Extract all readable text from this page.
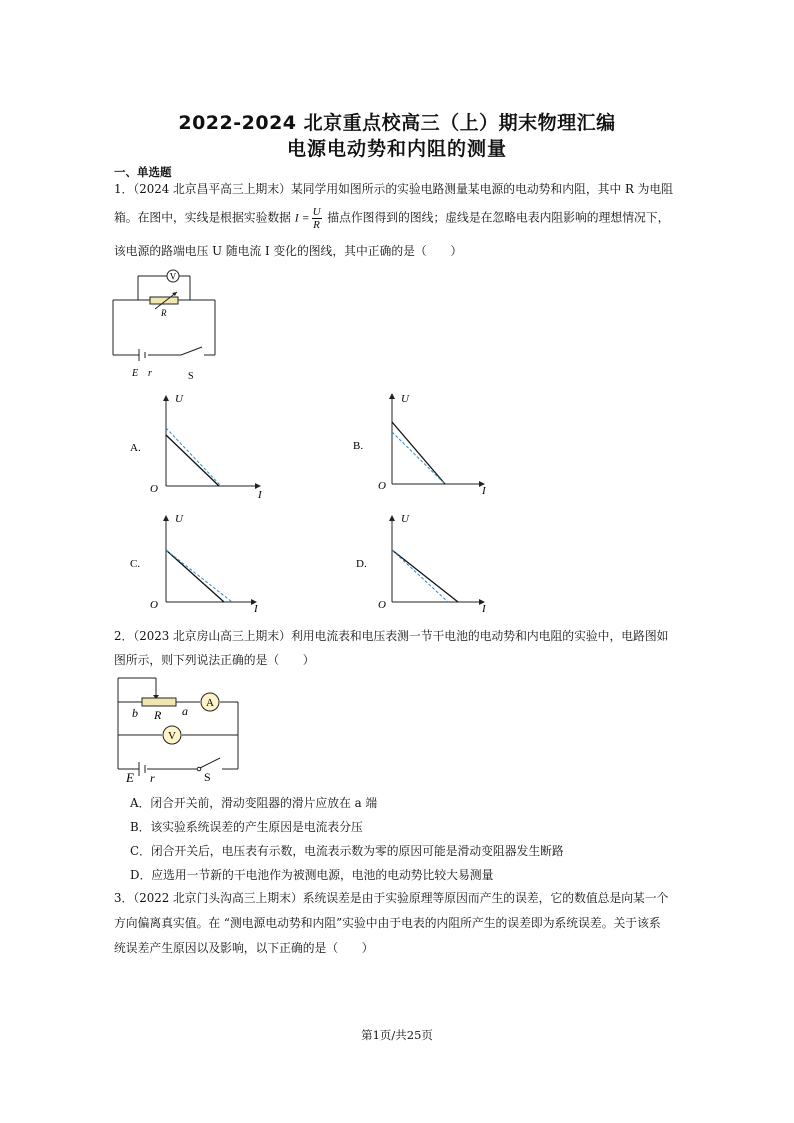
2022-2024 北京重点校高三（上）期末物理汇编
电源电动势和内阻的测量
一、单选题
1．（2024 北京昌平高三上期末）某同学用如图所示的实验电路测量某电源的电动势和内阻，其中 R 为电阻
箱。在图中，实线是根据实验数据 $I = \frac{U}{R}$ 描点作图得到的图线；虚线是在忽略电表内阻影响的理想情况下，
该电源的路端电压 U 随电流 I 变化的图线，其中正确的是（　　）
V
R
E r	S
A.
U
I
O
B.
U
I
O
C.
U
I
O
D.
U
I
O
2．（2023 北京房山高三上期末）利用电流表和电压表测一节干电池的电动势和内电阻的实验中，电路图如
图所示，则下列说法正确的是（　　）
A
V
b R a
E r	S
A．闭合开关前，滑动变阻器的滑片应放在 a 端
B．该实验系统误差的产生原因是电流表分压
C．闭合开关后，电压表有示数，电流表示数为零的原因可能是滑动变阻器发生断路
D．应选用一节新的干电池作为被测电源，电池的电动势比较大易测量
3．（2022 北京门头沟高三上期末）系统误差是由于实验原理等原因而产生的误差，它的数值总是向某一个
方向偏离真实值。在 “测电源电动势和内阻”实验中由于电表的内阻所产生的误差即为系统误差。关于该系
统误差产生原因以及影响，以下正确的是（　　）
第1页/共25页
